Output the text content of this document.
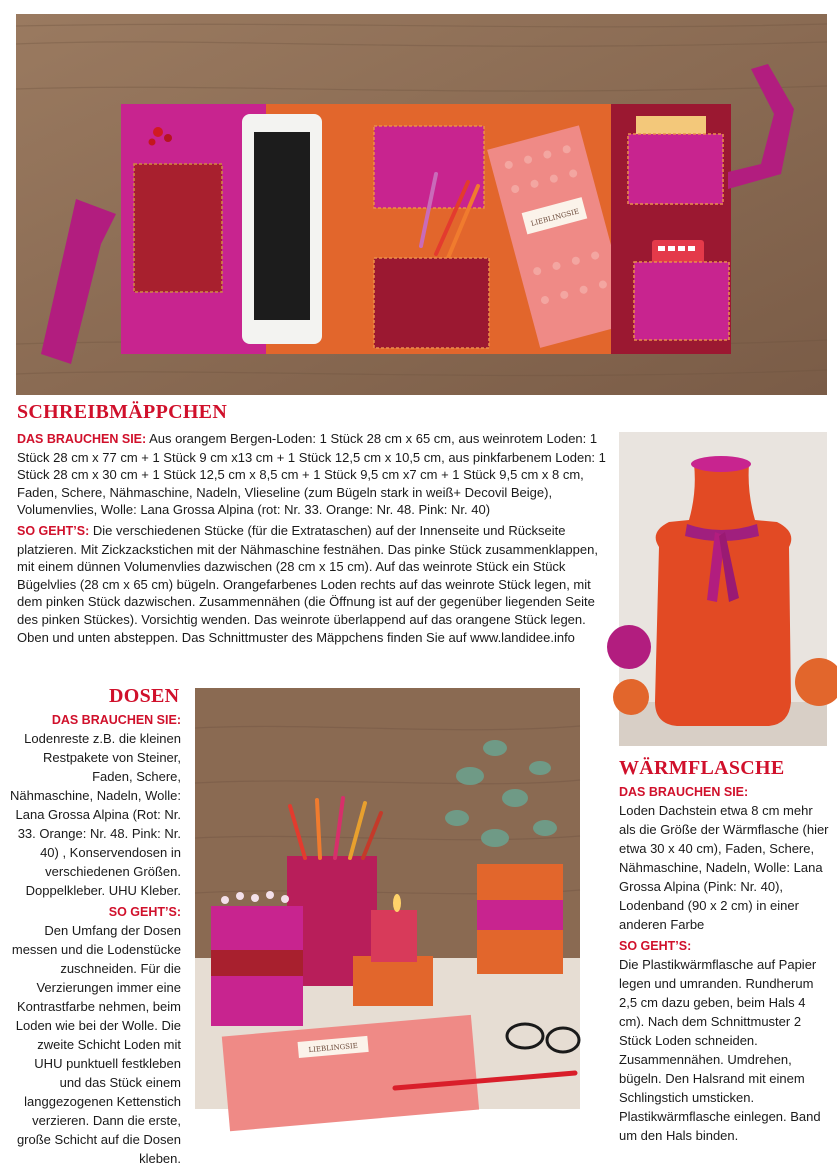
LIEBLINGSIE
SCHREIBMÄPPCHEN
DAS BRAUCHEN SIE: Aus orangem Bergen-Loden: 1 Stück 28 cm x 65 cm, aus weinrotem Loden: 1 Stück 28 cm x 77 cm + 1 Stück 9 cm x13 cm + 1 Stück 12,5 cm x 10,5 cm, aus pinkfarbenem Loden: 1 Stück 28 cm x 30 cm + 1 Stück 12,5 cm x 8,5 cm + 1 Stück 9,5 cm x7 cm + 1 Stück 9,5 cm x 8 cm, Faden, Schere, Nähmaschine, Nadeln, Vlieseline (zum Bügeln stark in weiß+ Decovil Beige), Volumenvlies, Wolle: Lana Grossa Alpina (rot: Nr. 33. Orange: Nr. 48. Pink: Nr. 40)
SO GEHT’S: Die verschiedenen Stücke (für die Extrataschen) auf der Innenseite und Rückseite platzieren. Mit Zickzackstichen mit der Nähmaschine festnähen. Das pinke Stück zusammenklappen, mit einem dünnen Volumenvlies dazwischen (28 cm x 15 cm). Auf das weinrote Stück ein Stück Bügelvlies (28 cm x 65 cm) bügeln. Orangefarbenes Loden rechts auf das weinrote Stück legen, mit dem pinken Stück dazwischen. Zusammennähen (die Öffnung ist auf der gegenüber liegenden Seite des pinken Stückes). Vorsichtig wenden. Das weinrote überlappend auf das orangene Stück legen. Oben und unten absteppen. Das Schnittmuster des Mäppchens finden Sie auf www.landidee.info
DOSEN
DAS BRAUCHEN SIE:
Lodenreste z.B. die kleinen Restpakete von Steiner, Faden, Schere, Nähmaschine, Nadeln, Wolle: Lana Grossa Alpina (Rot: Nr. 33. Orange: Nr. 48. Pink: Nr. 40) , Konservendosen in verschiedenen Größen. Doppelkleber. UHU Kleber.
SO GEHT’S:
Den Umfang der Dosen messen und die Lodenstücke zuschneiden. Für die Verzierungen immer eine Kontrastfarbe nehmen, beim Loden wie bei der Wolle. Die zweite Schicht Loden mit UHU punktuell festkleben und das Stück einem langgezogenen Kettenstich verzieren. Dann die erste, große Schicht auf die Dosen kleben.
LIEBLINGSIE
WÄRMFLASCHE
DAS BRAUCHEN SIE:
Loden Dachstein etwa 8 cm mehr als die Größe der Wärmflasche (hier etwa 30 x 40 cm), Faden, Schere, Nähmaschine, Nadeln, Wolle: Lana Grossa Alpina (Pink: Nr. 40), Lodenband (90 x 2 cm) in einer anderen Farbe
SO GEHT’S:
Die Plastikwärmflasche auf Papier legen und umranden. Rundherum 2,5 cm dazu geben, beim Hals 4 cm). Nach dem Schnittmuster 2 Stück Loden schneiden. Zusammennähen. Umdrehen, bügeln. Den Halsrand mit einem Schlingstich umsticken. Plastikwärmflasche einlegen. Band um den Hals binden.
